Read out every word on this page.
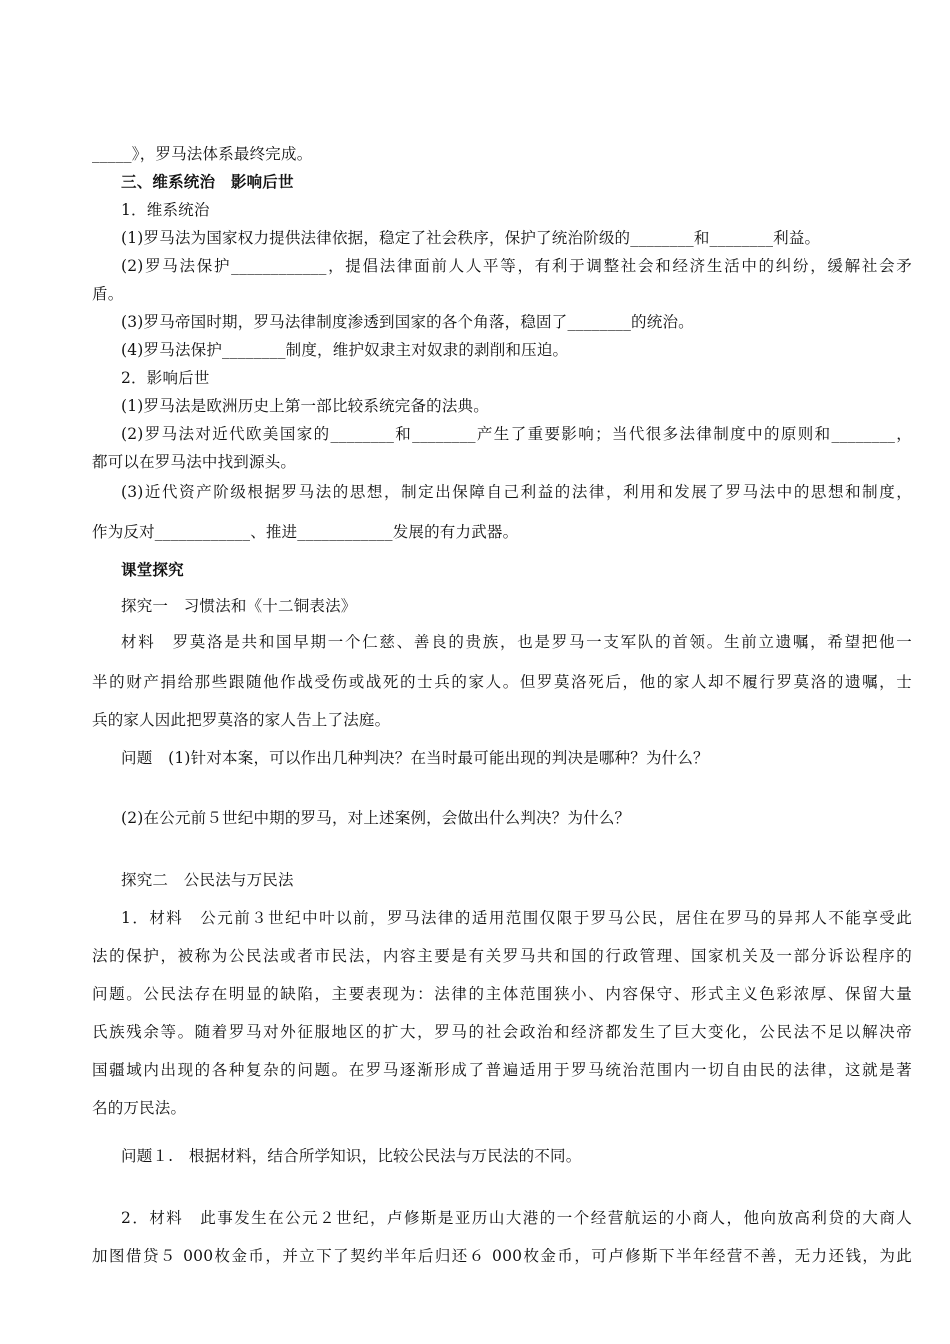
_____》，罗马法体系最终完成。
三、维系统治　影响后世
1．维系统治
(1)罗马法为国家权力提供法律依据，稳定了社会秩序，保护了统治阶级的________和________利益。
(2)罗马法保护____________，提倡法律面前人人平等，有利于调整社会和经济生活中的纠纷，缓解社会矛
盾。
(3)罗马帝国时期，罗马法律制度渗透到国家的各个角落，稳固了________的统治。
(4)罗马法保护________制度，维护奴隶主对奴隶的剥削和压迫。
2．影响后世
(1)罗马法是欧洲历史上第一部比较系统完备的法典。
(2)罗马法对近代欧美国家的________和________产生了重要影响；当代很多法律制度中的原则和________，
都可以在罗马法中找到源头。
(3)近代资产阶级根据罗马法的思想，制定出保障自己利益的法律，利用和发展了罗马法中的思想和制度，
作为反对____________、推进____________发展的有力武器。
课堂探究
探究一　习惯法和《十二铜表法》
材料　罗莫洛是共和国早期一个仁慈、善良的贵族，也是罗马一支军队的首领。生前立遗嘱，希望把他一
半的财产捐给那些跟随他作战受伤或战死的士兵的家人。但罗莫洛死后，他的家人却不履行罗莫洛的遗嘱，士
兵的家人因此把罗莫洛的家人告上了法庭。
问题　(1)针对本案，可以作出几种判决？在当时最可能出现的判决是哪种？为什么？
(2)在公元前５世纪中期的罗马，对上述案例，会做出什么判决？为什么？
探究二　公民法与万民法
1．材料　公元前３世纪中叶以前，罗马法律的适用范围仅限于罗马公民，居住在罗马的异邦人不能享受此
法的保护，被称为公民法或者市民法，内容主要是有关罗马共和国的行政管理、国家机关及一部分诉讼程序的
问题。公民法存在明显的缺陷，主要表现为：法律的主体范围狭小、内容保守、形式主义色彩浓厚、保留大量
氏族残余等。随着罗马对外征服地区的扩大，罗马的社会政治和经济都发生了巨大变化，公民法不足以解决帝
国疆域内出现的各种复杂的问题。在罗马逐渐形成了普遍适用于罗马统治范围内一切自由民的法律，这就是著
名的万民法。
问题１.　根据材料，结合所学知识，比较公民法与万民法的不同。
2．材料　此事发生在公元２世纪，卢修斯是亚历山大港的一个经营航运的小商人，他向放高利贷的大商人
加图借贷５ 000枚金币，并立下了契约半年后归还６ 000枚金币，可卢修斯下半年经营不善，无力还钱，为此
